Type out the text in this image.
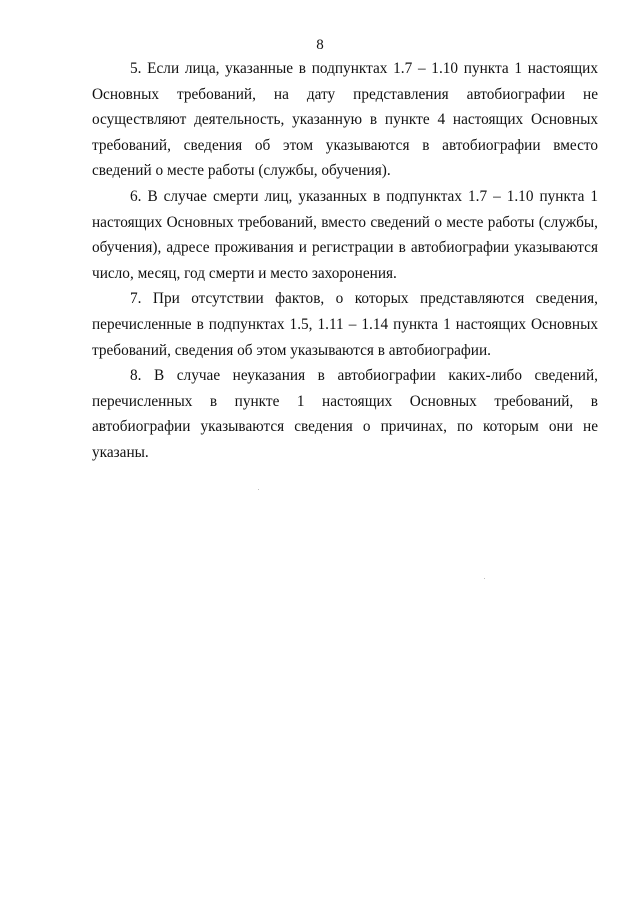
8

5. Если лица, указанные в подпунктах 1.7 – 1.10 пункта 1 настоящих Основных требований, на дату представления автобиографии не осуществляют деятельность, указанную в пункте 4 настоящих Основных требований, сведения об этом указываются в автобиографии вместо сведений о месте работы (службы, обучения).

6. В случае смерти лиц, указанных в подпунктах 1.7 – 1.10 пункта 1 настоящих Основных требований, вместо сведений о месте работы (службы, обучения), адресе проживания и регистрации в автобиографии указываются число, месяц, год смерти и место захоронения.

7. При отсутствии фактов, о которых представляются сведения, перечисленные в подпунктах 1.5, 1.11 – 1.14 пункта 1 настоящих Основных требований, сведения об этом указываются в автобиографии.

8. В случае неуказания в автобиографии каких-либо сведений, перечисленных в пункте 1 настоящих Основных требований, в автобиографии указываются сведения о причинах, по которым они не указаны.
